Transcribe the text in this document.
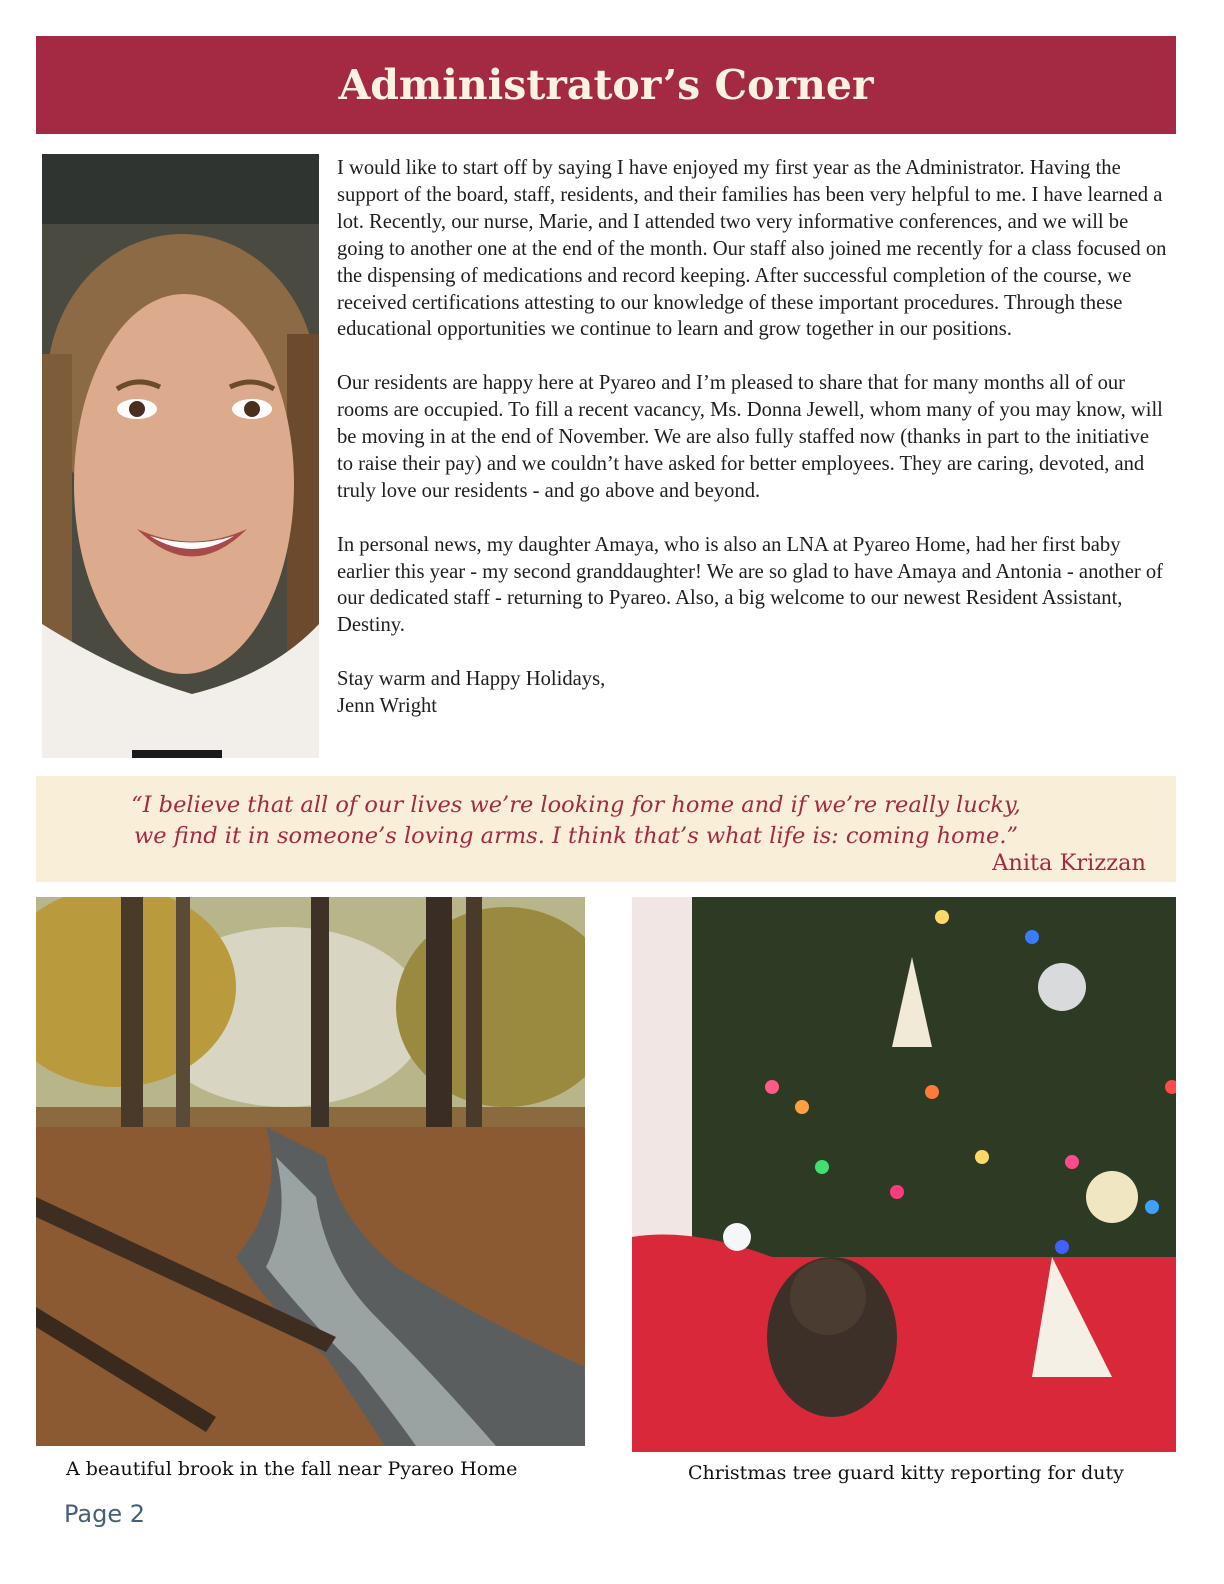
Administrator’s Corner

I would like to start off by saying I have enjoyed my first year as the Administrator. Having the support of the board, staff, residents, and their families has been very helpful to me. I have learned a lot. Recently, our nurse, Marie, and I attended two very informative conferences, and we will be going to another one at the end of the month. Our staff also joined me recently for a class focused on the dispensing of medications and record keeping. After successful completion of the course, we received certifications attesting to our knowledge of these important procedures. Through these educational opportunities we continue to learn and grow together in our positions.

Our residents are happy here at Pyareo and I’m pleased to share that for many months all of our rooms are occupied. To fill a recent vacancy, Ms. Donna Jewell, whom many of you may know, will be moving in at the end of November. We are also fully staffed now (thanks in part to the initiative to raise their pay) and we couldn’t have asked for better employees. They are caring, devoted, and truly love our residents - and go above and beyond.

In personal news, my daughter Amaya, who is also an LNA at Pyareo Home, had her first baby earlier this year - my second granddaughter! We are so glad to have Amaya and Antonia - another of our dedicated staff - returning to Pyareo. Also, a big welcome to our newest Resident Assistant, Destiny.

Stay warm and Happy Holidays,

Jenn Wright

“I believe that all of our lives we’re looking for home and if we’re really lucky,
we find it in someone’s loving arms. I think that’s what life is: coming home.”
Anita Krizzan
A beautiful brook in the fall near Pyareo Home	Christmas tree guard kitty reporting for duty
Page 2
